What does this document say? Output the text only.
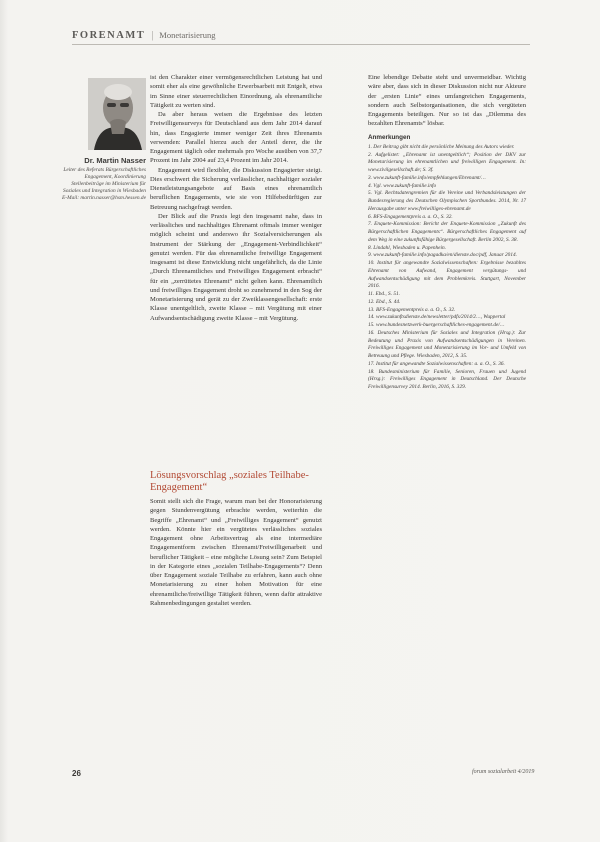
FORENAMT | Monetarisierung
Dr. Martin Nasser
Leiter des Referats Bürgerschaftliches Engagement, Koordinierung Stellenbeiträge im Ministerium für Soziales und Integration in Wiesbaden E-Mail: martin.nasser@hsm.hessen.de

ist den Charakter einer vermögensrechtlichen Leistung hat und somit eher als eine gewöhnliche Erwerbsarbeit mit Entgelt, etwa im Sinne einer steuerrechtlichen Einordnung, als ehrenamtliche Tätigkeit zu werten sind.

Da aber heraus weisen die Ergebnisse des letzten Freiwilligensurveys für Deutschland aus dem Jahr 2014 darauf hin, dass Engagierte immer weniger Zeit ihres Ehrenamts verwenden: Parallel hierzu auch der Anteil derer, die ihr Engagement täglich oder mehrmals pro Woche ausüben von 37,7 Prozent im Jahr 2004 auf 23,4 Prozent im Jahr 2014.

Engagement wird flexibler, die Diskussion Engagierter steigt. Dies erschwert die Sicherung verlässlicher, nachhaltiger sozialer Dienstleistungsangebote auf Basis eines ehrenamtlich beruflichen Engagements, wie sie von Hilfebedürftigen zur Betreuung nachgefragt werden.

Der Blick auf die Praxis legt den insgesamt nahe, dass in verlässliches und nachhaltiges Ehrenamt oftmals immer weniger möglich scheint und anderswo ihr Sozialversicherungen als Instrument der Stärkung der „Engagement-Verbindlichkeit“ genutzt werden. Für das ehrenamtliche freiwillige Engagement insgesamt ist diese Entwicklung nicht ungefährlich, da die Linie „Durch Ehrenamtliches und Freiwilliges Engagement erbracht“ für ein „zerrüttetes Ehrenamt“ nicht gelten kann. Ehrenamtlich und freiwilliges Engagement droht so zunehmend in den Sog der Monetarisierung und gerät zu der Zweiklassengesellschaft: erste Klasse unentgeltlich, zweite Klasse – mit Vergütung mit einer Aufwandsentschädigung zweite Klasse – mit Vergütung.

Lösungsvorschlag „soziales Teilhabe-Engagement“

Somit stellt sich die Frage, warum man bei der Honorarisierung gegen Stundenvergütung erbrachte werden, weiterhin die Begriffe „Ehrenamt“ und „Freiwilliges Engagement“ genutzt werden. Könnte hier ein vergütetes verlässliches soziales Engagement ohne Arbeitsvertrag als eine intermediäre Engagementform zwischen Ehrenamt/Freiwilligenarbeit und beruflicher Tätigkeit – eine mögliche Lösung sein? Zum Beispiel in der Kategorie eines „sozialen Teilhabe-Engagements“? Denn über Engagement soziale Teilhabe zu erfahren, kann auch ohne Monetarisierung zu einer hohen Motivation für eine ehrenamtliche/freiwillige Tätigkeit führen, wenn dafür attraktive Rahmenbedingungen gestaltet werden.

Eine lebendige Debatte steht und unvermeidbar. Wichtig wäre aber, dass sich in dieser Diskussion nicht nur Akteure der „ersten Linie“ eines umfangreichen Engagements, sondern auch Selbstorganisationen, die sich vergüteten Engagements beteiligen. Nur so ist das „Dilemma des bezahlten Ehrenamts“ lösbar.

Anmerkungen
1. Der Beitrag gibt nicht die persönliche Meinung des Autors wieder.
2. Aufgelistet: „Ehrenamt ist unentgeltlich“; Position der DKV zur Monetarisierung im ehrenamtlichen und freiwilligen Engagement. In: www.zivilgesellschaft.de; S. 3f.
3. www.zukunft-familie.info/empfehlungen/Ehrenamt/…
4. Vgl. www.zukunft-familie.info
5. Vgl. Rechtsdatengremien für die Vereine und Verbandsleistungen der Bundesregierung des Deutschen Olympischen Sportbundes. 2014, Nr. 17 Herausgabe unter www.freiwilliges-ehrenamt.de
6. BFS-Engagementpreis a. a. O., S. 32.
7. Enquete-Kommission: Bericht der Enquete-Kommission „Zukunft des Bürgerschaftlichen Engagements“. Bürgerschaftliches Engagement auf dem Weg in eine zukunftsfähige Bürgergesellschaft. Berlin 2002, S. 38.
8. Lindahl, Wiesbaden u. Papenhein.
9. www.zukunft-familie.info/pagadka/en/dienste.doc/pdf, Januar 2014.
10. Institut für angewandte Sozialwissenschaften: Ergebnisse bezahltes Ehrenamt von Aufwand, Engagement vergütungs- und Aufwandsentschädigung mit dem Problemkreis. Stuttgart, November 2016.
11. Ebd., S. 51.
12. Ebd., S. 44.
13. BFS-Engagementpreis a. a. O., S. 32.
14. www.zukunftsdienste.de/newsletter/pdfs/2014/2…, Wuppertal
15. www.bundesnetzwerk-buergerschaftliches-engagement.de/…
16. Deutsches Ministerium für Soziales und Integration (Hrsg.): Zur Bedeutung und Praxis von Aufwandsentschädigungen in Vereinen. Freiwilliges Engagement und Monetarisierung im Vor- und Umfeld von Betreuung und Pflege. Wiesbaden, 2012, S. 35.
17. Institut für angewandte Sozialwissenschaften: a. a. O., S. 36.
18. Bundesministerium für Familie, Senioren, Frauen und Jugend (Hrsg.): Freiwilliges Engagement in Deutschland. Der Deutsche Freiwilligensurvey 2014. Berlin, 2016, S. 329.
26	forum sozialarbeit 4/2019
